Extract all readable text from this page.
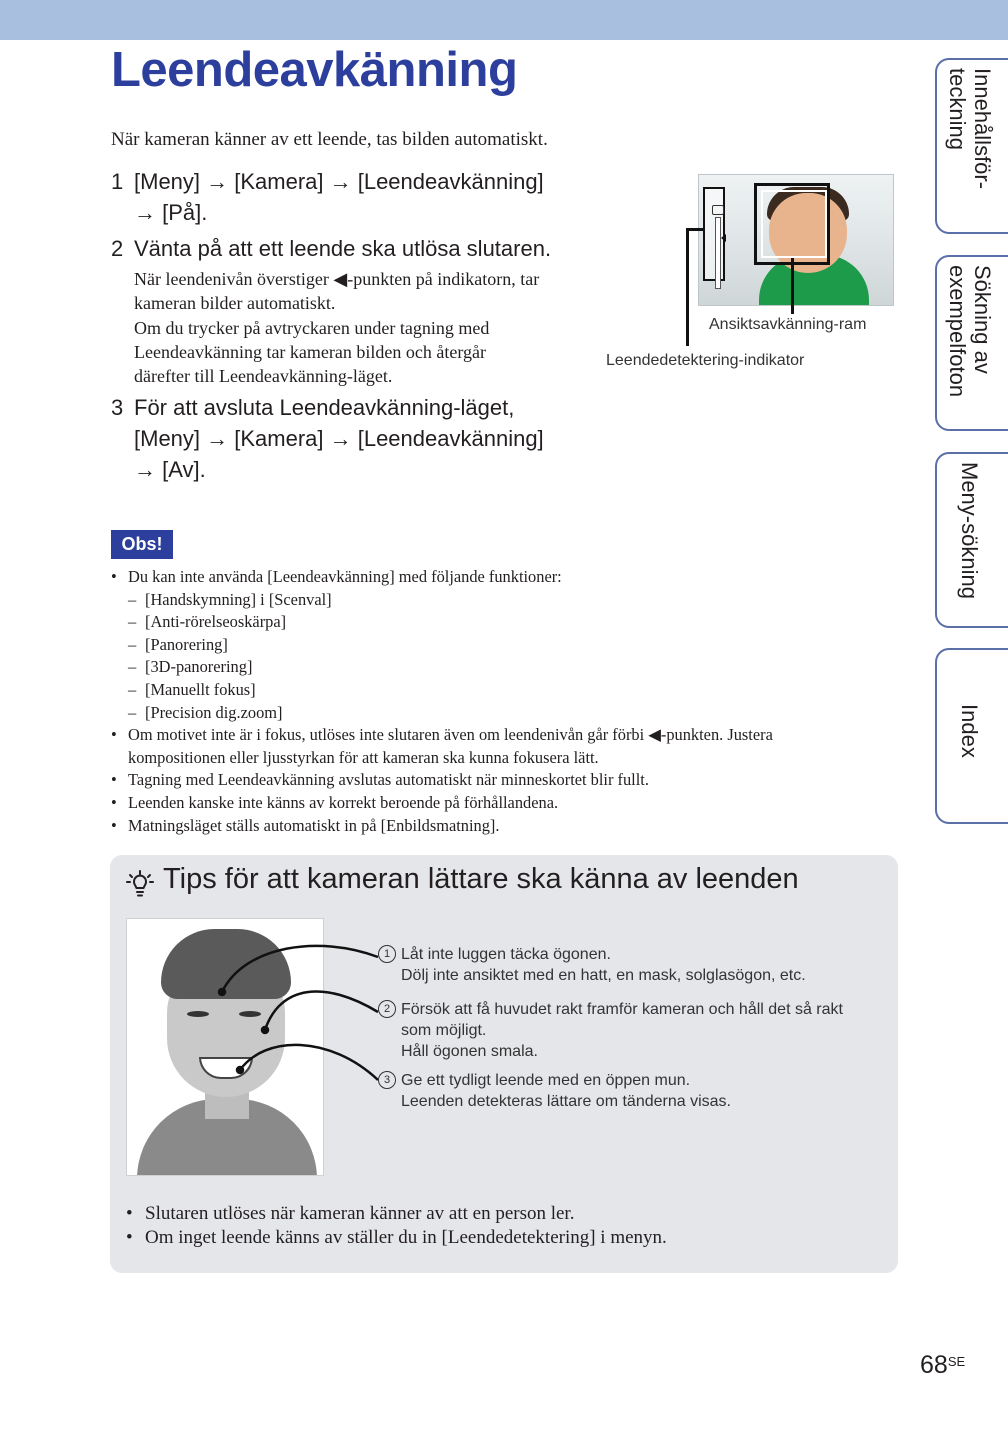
Leendeavkänning

När kameran känner av ett leende, tas bilden automatiskt.

1 [Meny] → [Kamera] → [Leendeavkänning]
→ [På].
2 Vänta på att ett leende ska utlösa slutaren.
När leendenivån överstiger ◀-punkten på indikatorn, tar
kameran bilder automatiskt.
Om du trycker på avtryckaren under tagning med
Leendeavkänning tar kameran bilden och återgår
därefter till Leendeavkänning-läget.
3 För att avsluta Leendeavkänning-läget,
[Meny] → [Kamera] → [Leendeavkänning]
→ [Av].
Ansiktsavkänning-ram
Leendedetektering-indikator
Obs!
• Du kan inte använda [Leendeavkänning] med följande funktioner:
– [Handskymning] i [Scenval]
– [Anti-rörelseoskärpa]
– [Panorering]
– [3D-panorering]
– [Manuellt fokus]
– [Precision dig.zoom]
• Om motivet inte är i fokus, utlöses inte slutaren även om leendenivån går förbi ◀-punkten. Justera kompositionen eller ljusstyrkan för att kameran ska kunna fokusera lätt.
• Tagning med Leendeavkänning avslutas automatiskt när minneskortet blir fullt.
• Leenden kanske inte känns av korrekt beroende på förhållandena.
• Matningsläget ställs automatiskt in på [Enbildsmatning].
Tips för att kameran lättare ska känna av leenden
1 Låt inte luggen täcka ögonen.
Dölj inte ansiktet med en hatt, en mask, solglasögon, etc.
2 Försök att få huvudet rakt framför kameran och håll det så rakt
som möjligt.
Håll ögonen smala.
3 Ge ett tydligt leende med en öppen mun.
Leenden detekteras lättare om tänderna visas.
• Slutaren utlöses när kameran känner av att en person ler.
• Om inget leende känns av ställer du in [Leendedetektering] i menyn.
Innehållsför-
teckning
Sökning av
exempelfoton
Meny-sökning
Index
$68^{SE}$
